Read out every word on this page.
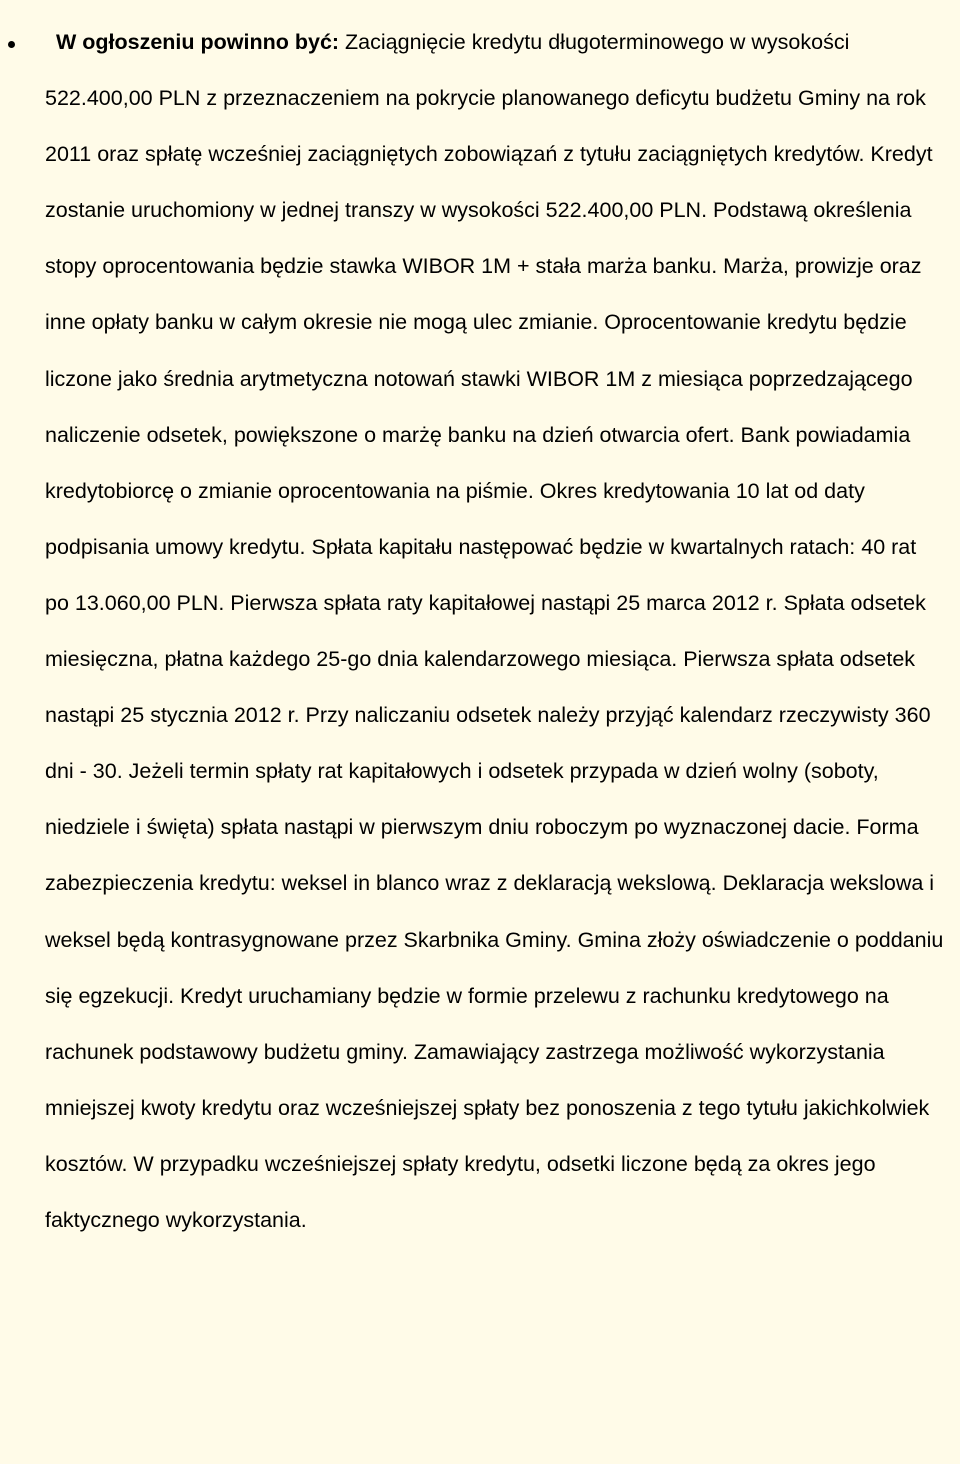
W ogłoszeniu powinno być: Zaciągnięcie kredytu długoterminowego w wysokości 522.400,00 PLN z przeznaczeniem na pokrycie planowanego deficytu budżetu Gminy na rok 2011 oraz spłatę wcześniej zaciągniętych zobowiązań z tytułu zaciągniętych kredytów. Kredyt zostanie uruchomiony w jednej transzy w wysokości 522.400,00 PLN. Podstawą określenia stopy oprocentowania będzie stawka WIBOR 1M + stała marża banku. Marża, prowizje oraz inne opłaty banku w całym okresie nie mogą ulec zmianie. Oprocentowanie kredytu będzie liczone jako średnia arytmetyczna notowań stawki WIBOR 1M z miesiąca poprzedzającego naliczenie odsetek, powiększone o marżę banku na dzień otwarcia ofert. Bank powiadamia kredytobiorcę o zmianie oprocentowania na piśmie. Okres kredytowania 10 lat od daty podpisania umowy kredytu. Spłata kapitału następować będzie w kwartalnych ratach: 40 rat po 13.060,00 PLN. Pierwsza spłata raty kapitałowej nastąpi 25 marca 2012 r. Spłata odsetek miesięczna, płatna każdego 25-go dnia kalendarzowego miesiąca. Pierwsza spłata odsetek nastąpi 25 stycznia 2012 r. Przy naliczaniu odsetek należy przyjąć kalendarz rzeczywisty 360 dni - 30. Jeżeli termin spłaty rat kapitałowych i odsetek przypada w dzień wolny (soboty, niedziele i święta) spłata nastąpi w pierwszym dniu roboczym po wyznaczonej dacie. Forma zabezpieczenia kredytu: weksel in blanco wraz z deklaracją wekslową. Deklaracja wekslowa i weksel będą kontrasygnowane przez Skarbnika Gminy. Gmina złoży oświadczenie o poddaniu się egzekucji. Kredyt uruchamiany będzie w formie przelewu z rachunku kredytowego na rachunek podstawowy budżetu gminy. Zamawiający zastrzega możliwość wykorzystania mniejszej kwoty kredytu oraz wcześniejszej spłaty bez ponoszenia z tego tytułu jakichkolwiek kosztów. W przypadku wcześniejszej spłaty kredytu, odsetki liczone będą za okres jego faktycznego wykorzystania.
